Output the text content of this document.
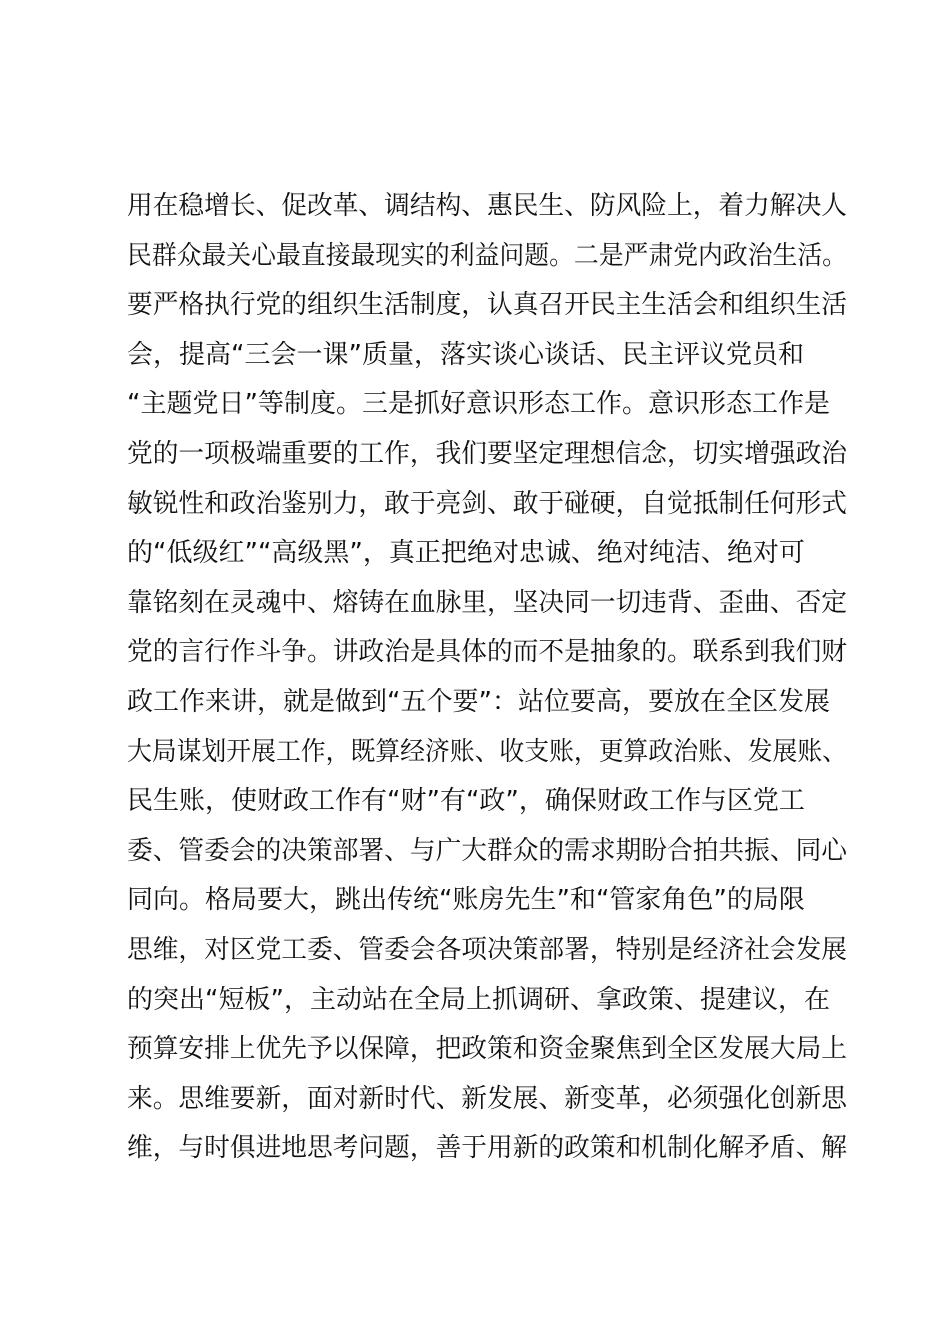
用在稳增长、促改革、调结构、惠民生、防风险上，着力解决人
民群众最关心最直接最现实的利益问题。二是严肃党内政治生活。
要严格执行党的组织生活制度，认真召开民主生活会和组织生活
会，提高“三会一课”质量，落实谈心谈话、民主评议党员和
“主题党日”等制度。三是抓好意识形态工作。意识形态工作是
党的一项极端重要的工作，我们要坚定理想信念，切实增强政治
敏锐性和政治鉴别力，敢于亮剑、敢于碰硬，自觉抵制任何形式
的“低级红”“高级黑”，真正把绝对忠诚、绝对纯洁、绝对可
靠铭刻在灵魂中、熔铸在血脉里，坚决同一切违背、歪曲、否定
党的言行作斗争。讲政治是具体的而不是抽象的。联系到我们财
政工作来讲，就是做到“五个要”：站位要高，要放在全区发展
大局谋划开展工作，既算经济账、收支账，更算政治账、发展账、
民生账，使财政工作有“财”有“政”，确保财政工作与区党工
委、管委会的决策部署、与广大群众的需求期盼合拍共振、同心
同向。格局要大，跳出传统“账房先生”和“管家角色”的局限
思维，对区党工委、管委会各项决策部署，特别是经济社会发展
的突出“短板”，主动站在全局上抓调研、拿政策、提建议，在
预算安排上优先予以保障，把政策和资金聚焦到全区发展大局上
来。思维要新，面对新时代、新发展、新变革，必须强化创新思
维，与时俱进地思考问题，善于用新的政策和机制化解矛盾、解
